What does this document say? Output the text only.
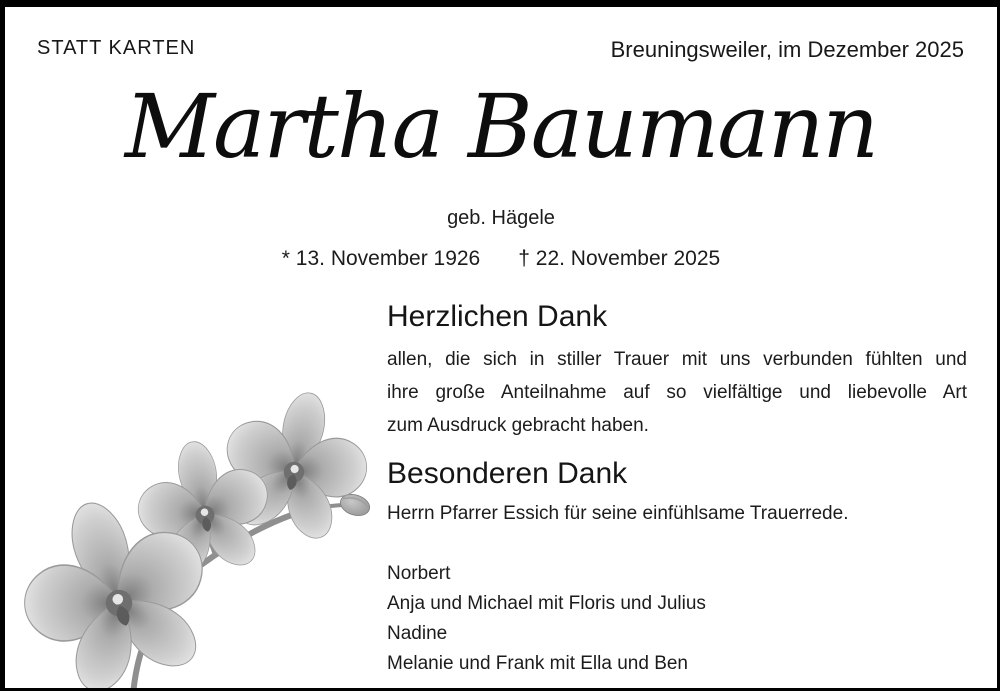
STATT KARTEN	Breuningsweiler, im Dezember 2025
Martha Baumann
geb. Hägele
* 13. November 1926 † 22. November 2025
Herzlichen Dank
allen, die sich in stiller Trauer mit uns verbunden fühlten und
ihre große Anteilnahme auf so vielfältige und liebevolle Art
zum Ausdruck gebracht haben.
Besonderen Dank
Herrn Pfarrer Essich für seine einfühlsame Trauerrede.
Norbert
Anja und Michael mit Floris und Julius
Nadine
Melanie und Frank mit Ella und Ben
